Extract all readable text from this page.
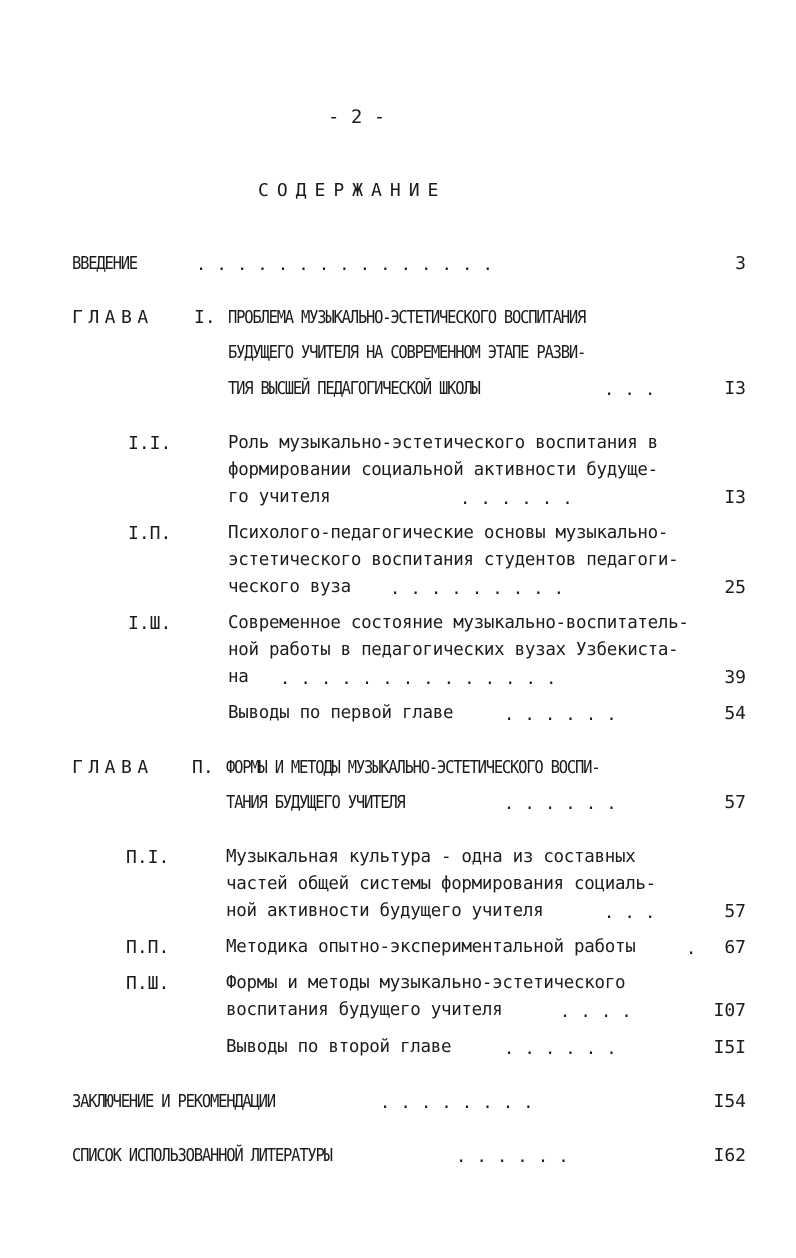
- 2 -
СОДЕРЖАНИЕ
ВВЕДЕНИЕ	. . . . . . . . . . . . . . .	3
ГЛАВА I. ПРОБЛЕМА МУЗЫКАЛЬНО-ЭСТЕТИЧЕСКОГО ВОСПИТАНИЯ
БУДУЩЕГО УЧИТЕЛЯ НА СОВРЕМЕННОМ ЭТАПЕ РАЗВИ-
ТИЯ ВЫСШЕЙ ПЕДАГОГИЧЕСКОЙ ШКОЛЫ	. . .	I3
I.I.	Роль музыкально-эстетического воспитания в
формировании социальной активности будуще-
го учителя	. . . . . .	I3
I.П.	Психолого-педагогические основы музыкально-
эстетического воспитания студентов педагоги-
ческого вуза . . . . . . . . .	25
I.Ш.	Современное состояние музыкально-воспитатель-
ной работы в педагогических вузах Узбекиста-
на . . . . . . . . . . . . . .	39
Выводы по первой главе	. . . . . .	54
ГЛАВА П. ФОРМЫ И МЕТОДЫ МУЗЫКАЛЬНО-ЭСТЕТИЧЕСКОГО ВОСПИ-
ТАНИЯ БУДУЩЕГО УЧИТЕЛЯ	. . . . . .	57
П.I.	Музыкальная культура - одна из составных
частей общей системы формирования социаль-
ной активности будущего учителя	. . .	57
П.П.	Методика опытно-экспериментальной работы	.	67
П.Ш.	Формы и методы музыкально-эстетического
воспитания будущего учителя	. . . .	I07
Выводы по второй главе	. . . . . .	I5I
ЗАКЛЮЧЕНИЕ И РЕКОМЕНДАЦИИ	. . . . . . . .	I54
СПИСОК ИСПОЛЬЗОВАННОЙ ЛИТЕРАТУРЫ	. . . . . .	I62
